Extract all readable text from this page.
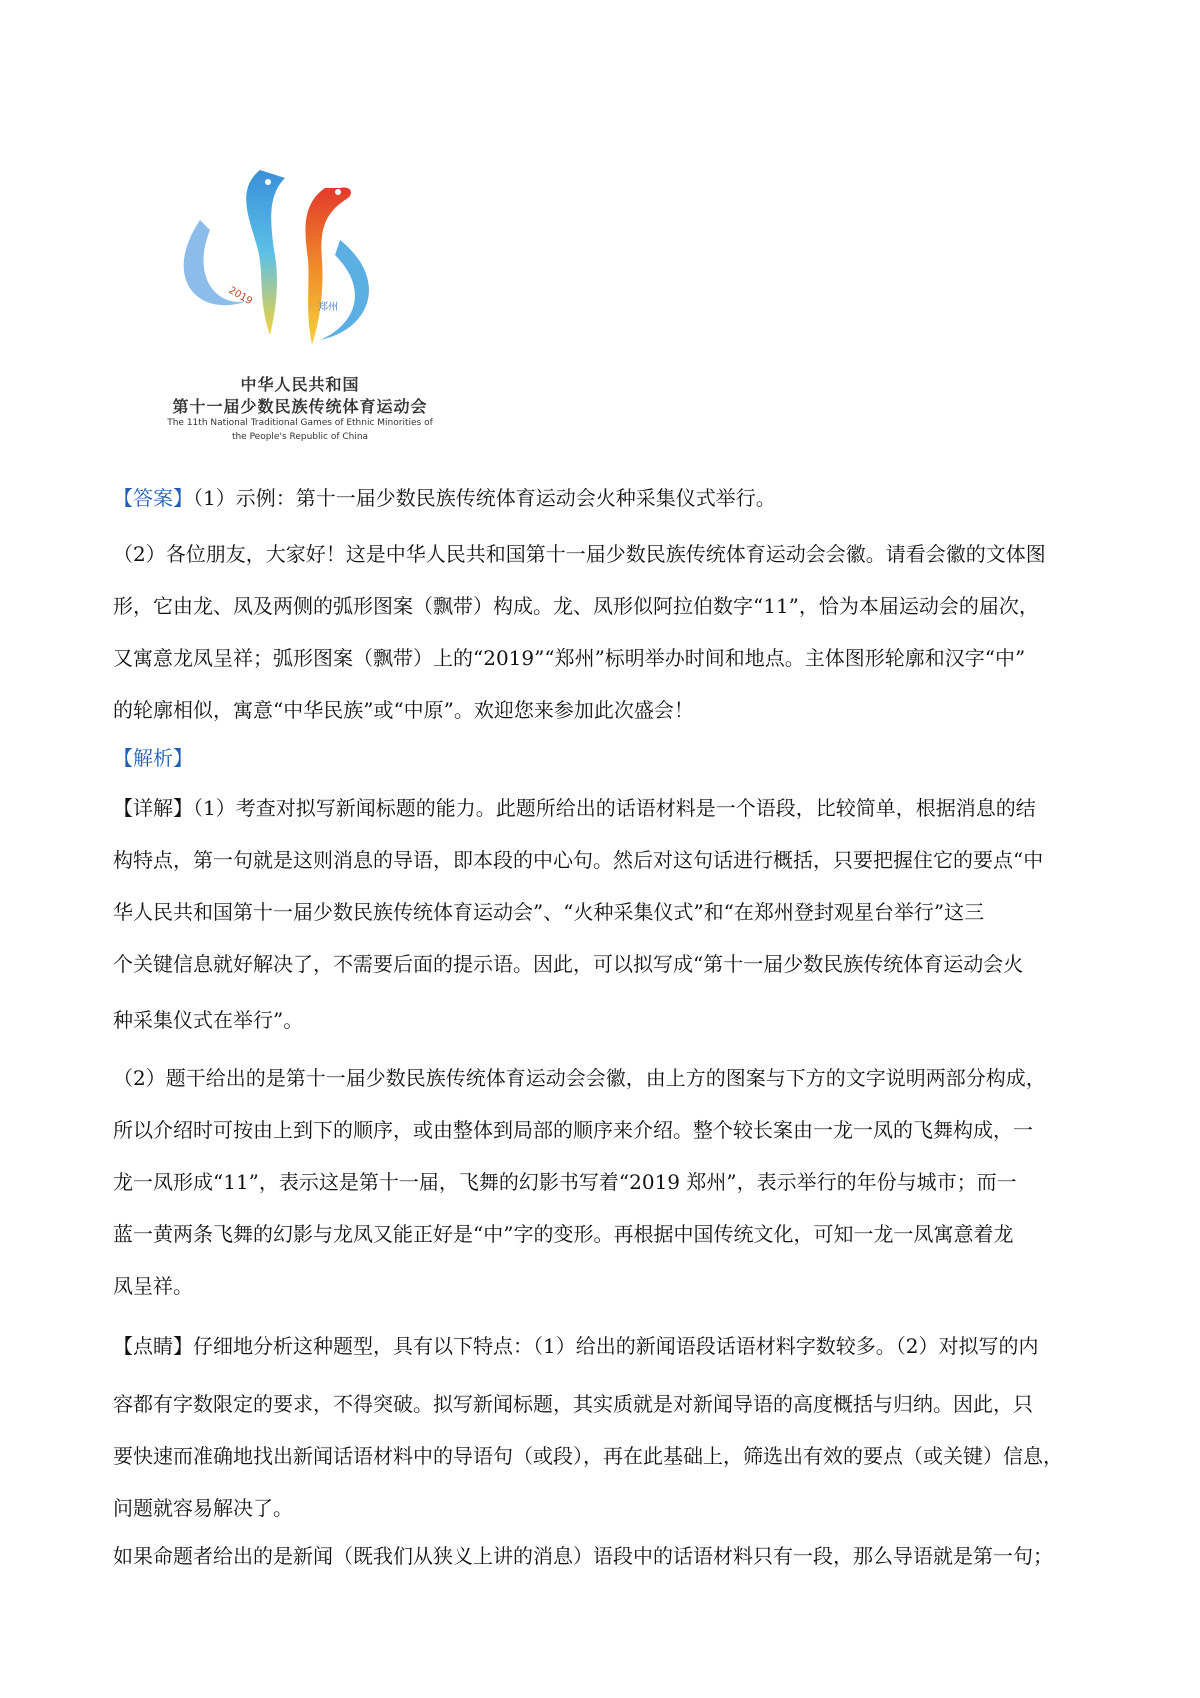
2019
郑州
中华人民共和国
第十一届少数民族传统体育运动会
The 11th National Traditional Games of Ethnic Minorities of
the People's Republic of China
【答案】（1）示例：第十一届少数民族传统体育运动会火种采集仪式举行。
（2）各位朋友，大家好！这是中华人民共和国第十一届少数民族传统体育运动会会徽。请看会徽的文体图
形，它由龙、凤及两侧的弧形图案（飘带）构成。龙、凤形似阿拉伯数字“11”，恰为本届运动会的届次，
又寓意龙凤呈祥；弧形图案（飘带）上的“2019”“郑州”标明举办时间和地点。主体图形轮廓和汉字“中”
的轮廓相似，寓意“中华民族”或“中原”。欢迎您来参加此次盛会！
【解析】
【详解】（1）考查对拟写新闻标题的能力。此题所给出的话语材料是一个语段，比较简单，根据消息的结
构特点，第一句就是这则消息的导语，即本段的中心句。然后对这句话进行概括，只要把握住它的要点“中
华人民共和国第十一届少数民族传统体育运动会”、“火种采集仪式”和“在郑州登封观星台举行”这三
个关键信息就好解决了，不需要后面的提示语。因此，可以拟写成“第十一届少数民族传统体育运动会火
种采集仪式在举行”。
（2）题干给出的是第十一届少数民族传统体育运动会会徽，由上方的图案与下方的文字说明两部分构成，
所以介绍时可按由上到下的顺序，或由整体到局部的顺序来介绍。整个较长案由一龙一凤的飞舞构成，一
龙一凤形成“11”，表示这是第十一届，飞舞的幻影书写着“2019 郑州”，表示举行的年份与城市；而一
蓝一黄两条飞舞的幻影与龙凤又能正好是“中”字的变形。再根据中国传统文化，可知一龙一凤寓意着龙
凤呈祥。
【点睛】仔细地分析这种题型，具有以下特点：（1）给出的新闻语段话语材料字数较多。（2）对拟写的内
容都有字数限定的要求，不得突破。拟写新闻标题，其实质就是对新闻导语的高度概括与归纳。因此，只
要快速而准确地找出新闻话语材料中的导语句（或段），再在此基础上，筛选出有效的要点（或关键）信息，
问题就容易解决了。
如果命题者给出的是新闻（既我们从狭义上讲的消息）语段中的话语材料只有一段，那么导语就是第一句；
